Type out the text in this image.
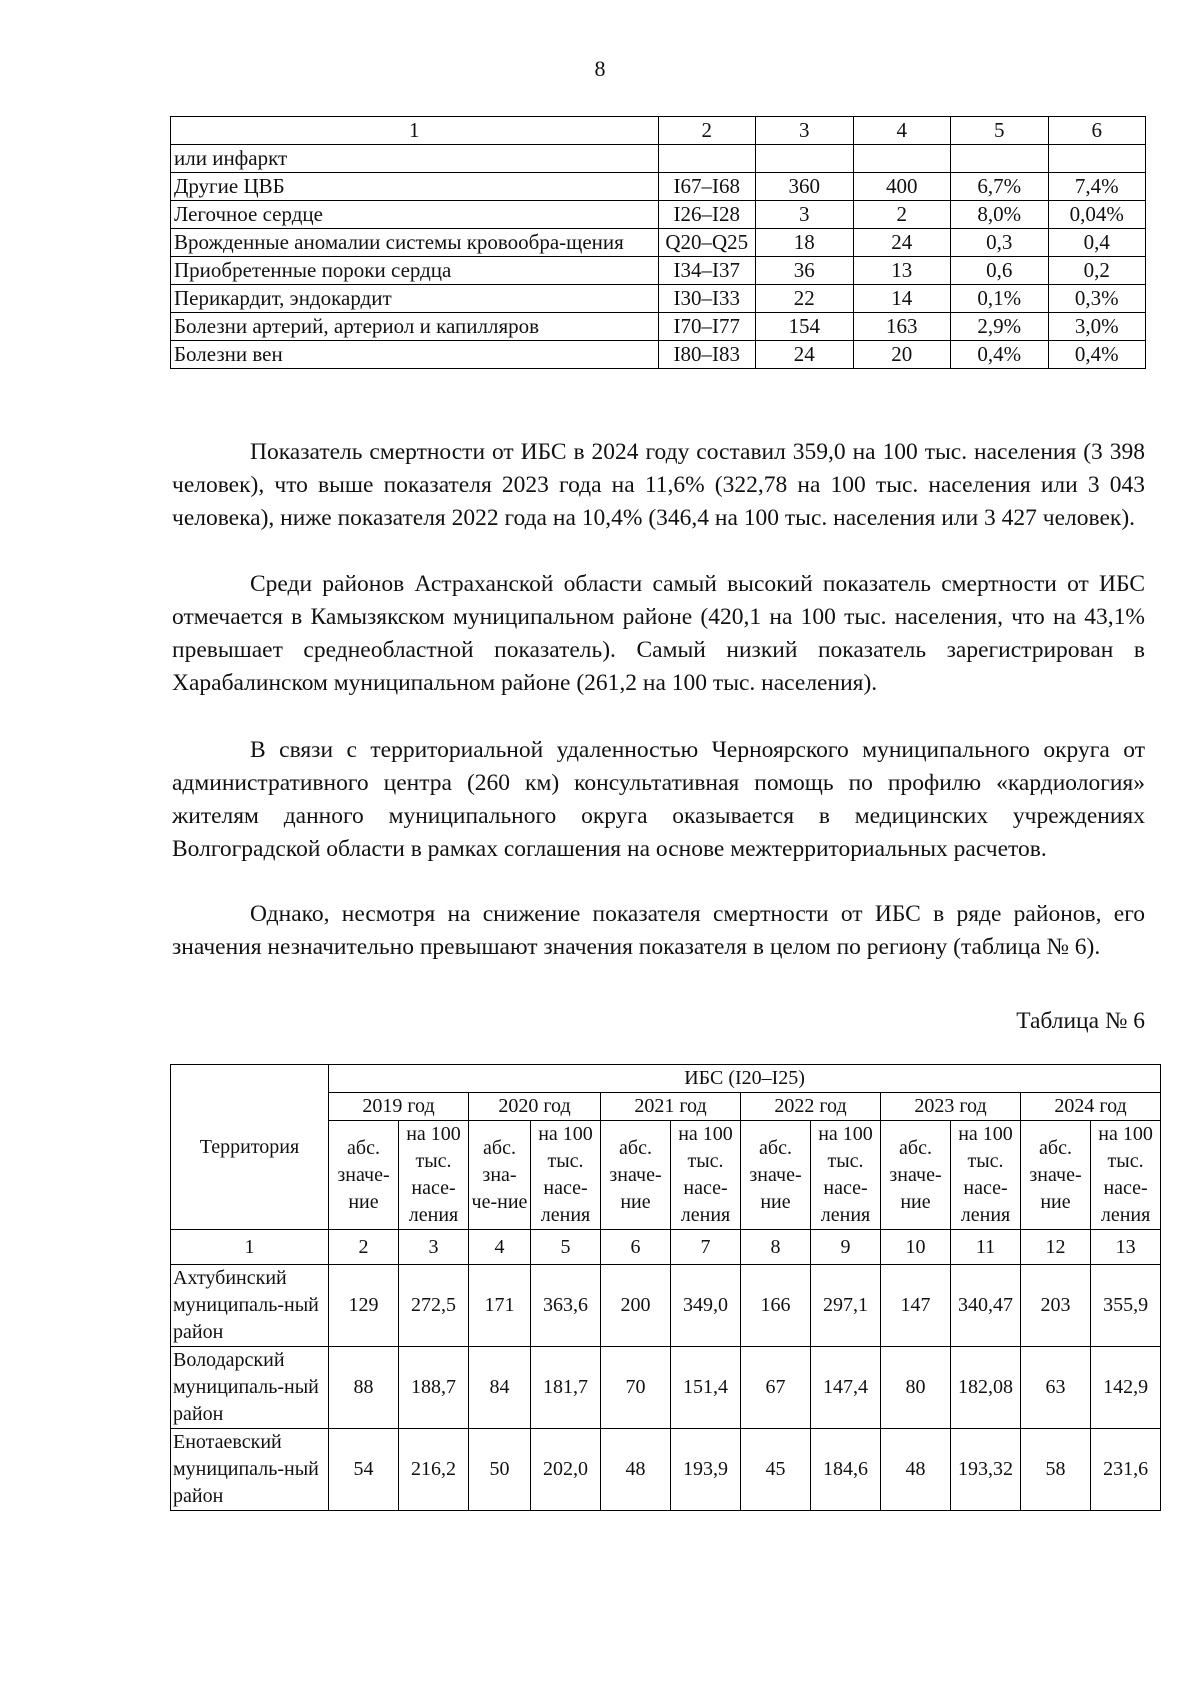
8
1	2	3	4	5	6
или инфаркт					
Другие ЦВБ	I67–I68	360	400	6,7%	7,4%
Легочное сердце	I26–I28	3	2	8,0%	0,04%
Врожденные аномалии системы кровообра-щения	Q20–Q25	18	24	0,3	0,4
Приобретенные пороки сердца	I34–I37	36	13	0,6	0,2
Перикардит, эндокардит	I30–I33	22	14	0,1%	0,3%
Болезни артерий, артериол и капилляров	I70–I77	154	163	2,9%	3,0%
Болезни вен	I80–I83	24	20	0,4%	0,4%

Показатель смертности от ИБС в 2024 году составил 359,0 на 100 тыс. населения (3 398 человек), что выше показателя 2023 года на 11,6% (322,78 на 100 тыс. населения или 3 043 человека), ниже показателя 2022 года на 10,4% (346,4 на 100 тыс. населения или 3 427 человек).

Среди районов Астраханской области самый высокий показатель смертности от ИБС отмечается в Камызякском муниципальном районе (420,1 на 100 тыс. населения, что на 43,1% превышает среднеобластной показатель). Самый низкий показатель зарегистрирован в Харабалинском муниципальном районе (261,2 на 100 тыс. населения).

В связи с территориальной удаленностью Черноярского муниципального округа от административного центра (260 км) консультативная помощь по профилю «кардиология» жителям данного муниципального округа оказывается в медицинских учреждениях Волгоградской области в рамках соглашения на основе межтерриториальных расчетов.

Однако, несмотря на снижение показателя смертности от ИБС в ряде районов, его значения незначительно превышают значения показателя в целом по региону (таблица № 6).

Таблица № 6
Территория	ИБС (I20–I25)											
	2019 год		2020 год		2021 год		2022 год		2023 год		2024 год	
	абс. значе-ние	на 100 тыс. насе-ления	абс. зна-че-ние	на 100 тыс. насе-ления	абс. значе-ние	на 100 тыс. насе-ления	абс. значе-ние	на 100 тыс. насе-ления	абс. значе-ние	на 100 тыс. насе-ления	абс. значе-ние	на 100 тыс. насе-ления
1	2	3	4	5	6	7	8	9	10	11	12	13
Ахтубинский муниципаль-ный район	129	272,5	171	363,6	200	349,0	166	297,1	147	340,47	203	355,9
Володарский муниципаль-ный район	88	188,7	84	181,7	70	151,4	67	147,4	80	182,08	63	142,9
Енотаевский муниципаль-ный район	54	216,2	50	202,0	48	193,9	45	184,6	48	193,32	58	231,6
